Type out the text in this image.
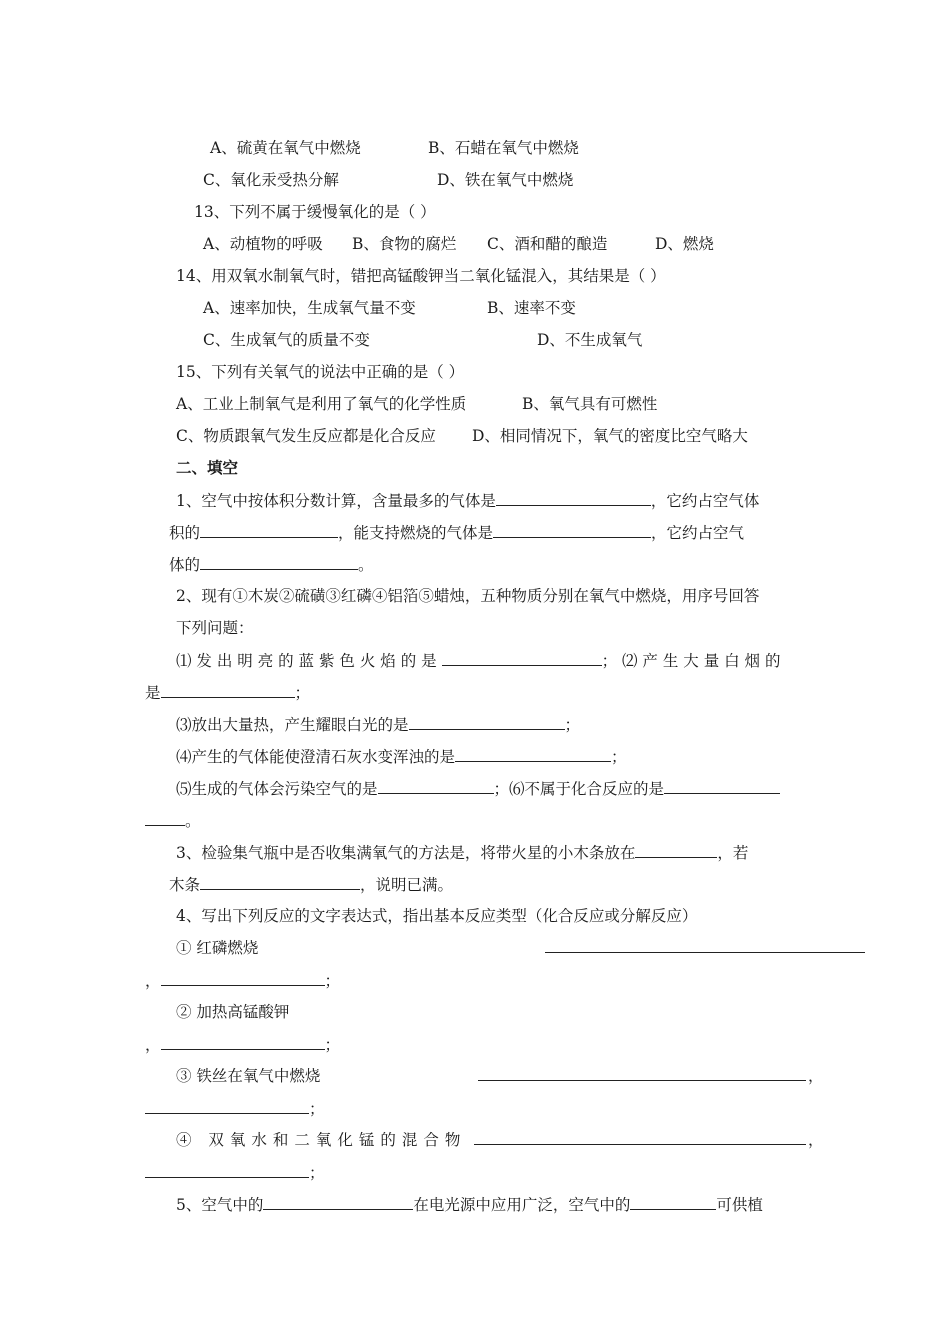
A、硫黄在氧气中燃烧	B、石蜡在氧气中燃烧
C、氧化汞受热分解	D、铁在氧气中燃烧
13、下列不属于缓慢氧化的是（ ）
A、动植物的呼吸 B、食物的腐烂 C、酒和醋的酿造	D、燃烧
14、用双氧水制氧气时，错把高锰酸钾当二氧化锰混入，其结果是（ ）
A、速率加快，生成氧气量不变	B、速率不变
C、生成氧气的质量不变	D、不生成氧气
15、下列有关氧气的说法中正确的是（ ）
A、工业上制氧气是利用了氧气的化学性质	B、氧气具有可燃性
C、物质跟氧气发生反应都是化合反应 D、相同情况下，氧气的密度比空气略大
二、填空
1、空气中按体积分数计算，含量最多的气体是	，它约占空气体
积的	，能支持燃烧的气体是	，它约占空气
体的	。
2、现有①木炭②硫磺③红磷④铝箔⑤蜡烛，五种物质分别在氧气中燃烧，用序号回答
下列问题：
⑴ 发 出 明 亮 的 蓝 紫 色 火 焰 的 是	； ⑵ 产 生 大 量 白 烟 的
是	；
⑶放出大量热，产生耀眼白光的是	；
⑷产生的气体能使澄清石灰水变浑浊的是	；
⑸生成的气体会污染空气的是	；⑹不属于化合反应的是
。
3、检验集气瓶中是否收集满氧气的方法是，将带火星的小木条放在	，若
木条	，说明已满。
4、写出下列反应的文字表达式，指出基本反应类型（化合反应或分解反应）
① 红磷燃烧
，	；
② 加热高锰酸钾
，	；
③ 铁丝在氧气中燃烧	，
；
④ 双氧水和二氧化锰的混合物	，
；
5、空气中的	在电光源中应用广泛，空气中的	可供植
